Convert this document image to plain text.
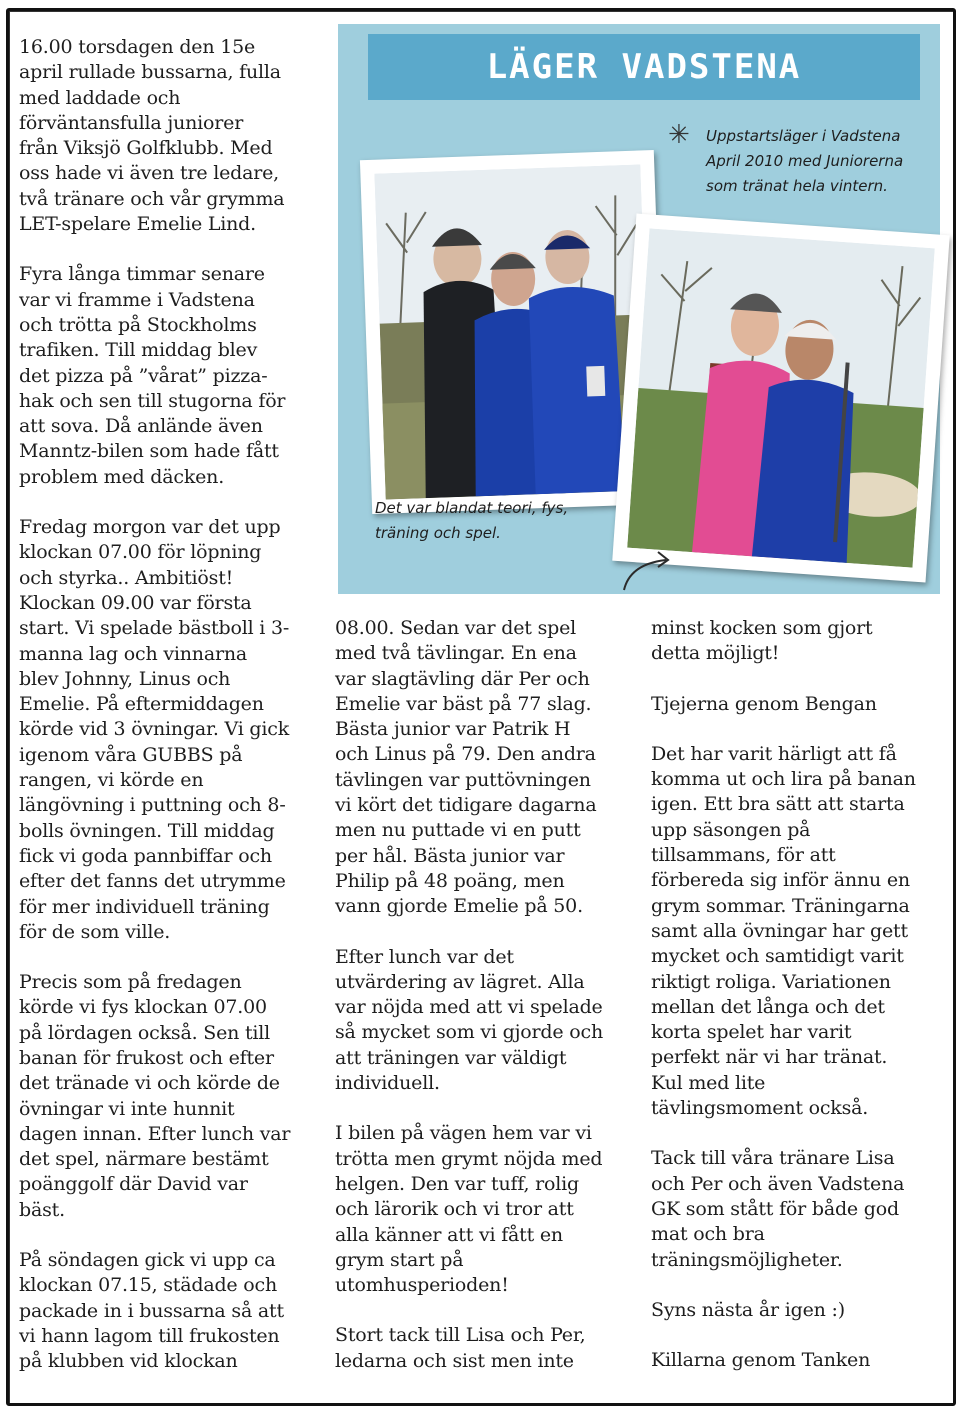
16.00 torsdagen den 15e
april rullade bussarna, fulla
med laddade och
förväntansfulla juniorer
från Viksjö Golfklubb. Med
oss hade vi även tre ledare,
två tränare och vår grymma
LET-spelare Emelie Lind.

Fyra långa timmar senare
var vi framme i Vadstena
och trötta på Stockholms
trafiken. Till middag blev
det pizza på ”vårat” pizza-
hak och sen till stugorna för
att sova. Då anlände även
Manntz-bilen som hade fått
problem med däcken.

Fredag morgon var det upp
klockan 07.00 för löpning
och styrka.. Ambitiöst!
Klockan 09.00 var första
start. Vi spelade bästboll i 3-
manna lag och vinnarna
blev Johnny, Linus och
Emelie. På eftermiddagen
körde vid 3 övningar. Vi gick
igenom våra GUBBS på
rangen, vi körde en
längövning i puttning och 8-
bolls övningen. Till middag
fick vi goda pannbiffar och
efter det fanns det utrymme
för mer individuell träning
för de som ville.

Precis som på fredagen
körde vi fys klockan 07.00
på lördagen också. Sen till
banan för frukost och efter
det tränade vi och körde de
övningar vi inte hunnit
dagen innan. Efter lunch var
det spel, närmare bestämt
poänggolf där David var
bäst.

På söndagen gick vi upp ca
klockan 07.15, städade och
packade in i bussarna så att
vi hann lagom till frukosten
på klubben vid klockan

LÄGER VADSTENA
✳ Uppstartsläger i Vadstena
April 2010 med Juniorerna
som tränat hela vintern.

Det var blandat teori, fys,
träning och spel.

08.00. Sedan var det spel
med två tävlingar. En ena
var slagtävling där Per och
Emelie var bäst på 77 slag.
Bästa junior var Patrik H
och Linus på 79. Den andra
tävlingen var puttövningen
vi kört det tidigare dagarna
men nu puttade vi en putt
per hål. Bästa junior var
Philip på 48 poäng, men
vann gjorde Emelie på 50.

Efter lunch var det
utvärdering av lägret. Alla
var nöjda med att vi spelade
så mycket som vi gjorde och
att träningen var väldigt
individuell.

I bilen på vägen hem var vi
trötta men grymt nöjda med
helgen. Den var tuff, rolig
och lärorik och vi tror att
alla känner att vi fått en
grym start på
utomhusperioden!

Stort tack till Lisa och Per,
ledarna och sist men inte

minst kocken som gjort
detta möjligt!

Tjejerna genom Bengan

Det har varit härligt att få
komma ut och lira på banan
igen. Ett bra sätt att starta
upp säsongen på
tillsammans, för att
förbereda sig inför ännu en
grym sommar. Träningarna
samt alla övningar har gett
mycket och samtidigt varit
riktigt roliga. Variationen
mellan det långa och det
korta spelet har varit
perfekt när vi har tränat.
Kul med lite
tävlingsmoment också.

Tack till våra tränare Lisa
och Per och även Vadstena
GK som stått för både god
mat och bra
träningsmöjligheter.

Syns nästa år igen :)

Killarna genom Tanken
